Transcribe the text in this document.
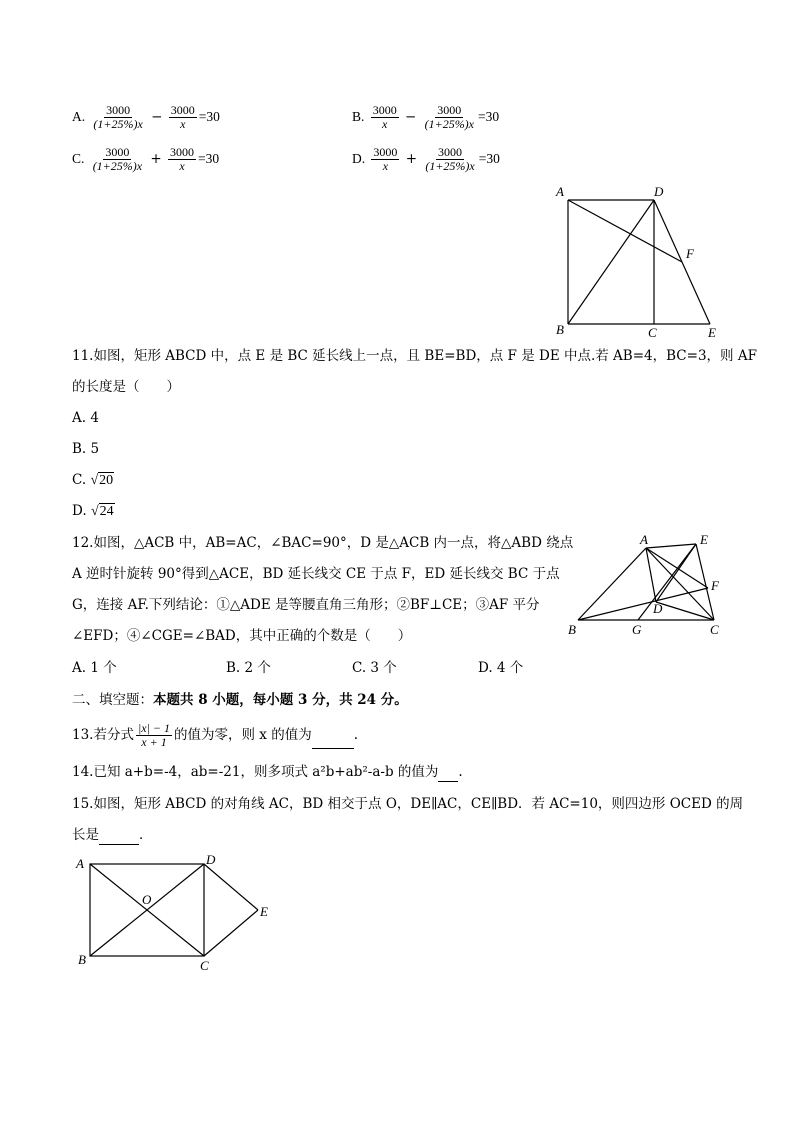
A. $\frac{3000}{(1+25\%)x} - \frac{3000}{x} =30$	B. $\frac{3000}{x} - \frac{3000}{(1+25\%)x} =30$
C. $\frac{3000}{(1+25\%)x} + \frac{3000}{x} =30$	D. $\frac{3000}{x} + \frac{3000}{(1+25\%)x} =30$
A	D
F
B	C	E
11.如图，矩形 ABCD 中，点 E 是 BC 延长线上一点，且 BE=BD，点 F 是 DE 中点.若 AB=4，BC=3，则 AF
的长度是（　　）
A. 4
B. 5
C. √20
D. √24
12.如图，△ACB 中，AB=AC，∠BAC=90°，D 是△ACB 内一点，将△ABD 绕点
A 逆时针旋转 90°得到△ACE，BD 延长线交 CE 于点 F，ED 延长线交 BC 于点
G，连接 AF.下列结论：①△ADE 是等腰直角三角形；②BF⊥CE；③AF 平分
∠EFD；④∠CGE=∠BAD，其中正确的个数是（　　）
A. 1 个	B. 2 个	C. 3 个	D. 4 个
A	E
F
D
B	G	C
二、填空题：本题共 8 小题，每小题 3 分，共 24 分。
13.若分式 $\frac{|x| - 1}{x + 1}$ 的值为零，则 x 的值为	.
14.已知 a+b=-4，ab=-21，则多项式 a²b+ab²-a-b 的值为 .
15.如图，矩形 ABCD 的对角线 AC，BD 相交于点 O，DE∥AC，CE∥BD．若 AC=10，则四边形 OCED 的周
长是	．
A	D
O
E
B	C
